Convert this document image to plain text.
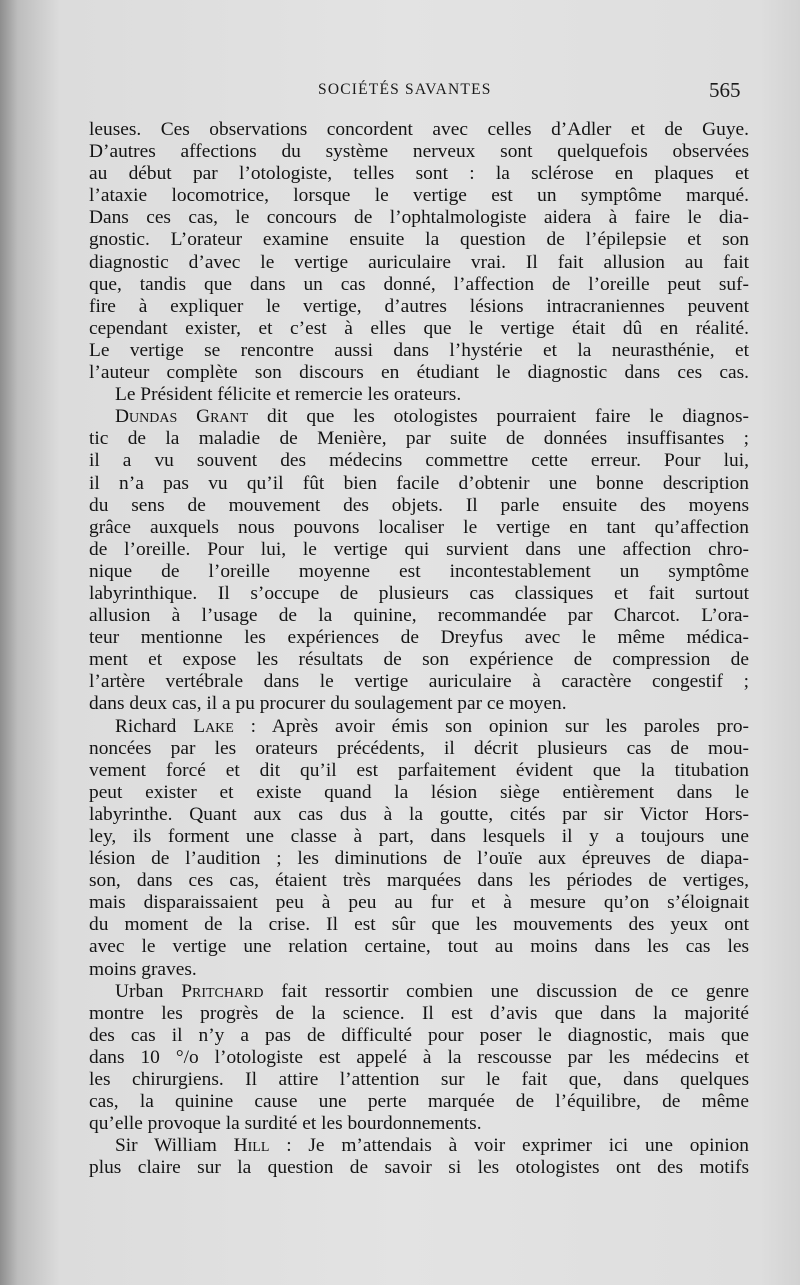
SOCIÉTÉS SAVANTES	565
leuses. Ces observations concordent avec celles d’Adler et de Guye.
D’autres affections du système nerveux sont quelquefois observées
au début par l’otologiste, telles sont : la sclérose en plaques et
l’ataxie locomotrice, lorsque le vertige est un symptôme marqué.
Dans ces cas, le concours de l’ophtalmologiste aidera à faire le dia-
gnostic. L’orateur examine ensuite la question de l’épilepsie et son
diagnostic d’avec le vertige auriculaire vrai. Il fait allusion au fait
que, tandis que dans un cas donné, l’affection de l’oreille peut suf-
fire à expliquer le vertige, d’autres lésions intracraniennes peuvent
cependant exister, et c’est à elles que le vertige était dû en réalité.
Le vertige se rencontre aussi dans l’hystérie et la neurasthénie, et
l’auteur complète son discours en étudiant le diagnostic dans ces cas.
Le Président félicite et remercie les orateurs.
Dundas Grant dit que les otologistes pourraient faire le diagnos-
tic de la maladie de Menière, par suite de données insuffisantes ;
il a vu souvent des médecins commettre cette erreur. Pour lui,
il n’a pas vu qu’il fût bien facile d’obtenir une bonne description
du sens de mouvement des objets. Il parle ensuite des moyens
grâce auxquels nous pouvons localiser le vertige en tant qu’affection
de l’oreille. Pour lui, le vertige qui survient dans une affection chro-
nique de l’oreille moyenne est incontestablement un symptôme
labyrinthique. Il s’occupe de plusieurs cas classiques et fait surtout
allusion à l’usage de la quinine, recommandée par Charcot. L’ora-
teur mentionne les expériences de Dreyfus avec le même médica-
ment et expose les résultats de son expérience de compression de
l’artère vertébrale dans le vertige auriculaire à caractère congestif ;
dans deux cas, il a pu procurer du soulagement par ce moyen.
Richard Lake : Après avoir émis son opinion sur les paroles pro-
noncées par les orateurs précédents, il décrit plusieurs cas de mou-
vement forcé et dit qu’il est parfaitement évident que la titubation
peut exister et existe quand la lésion siège entièrement dans le
labyrinthe. Quant aux cas dus à la goutte, cités par sir Victor Hors-
ley, ils forment une classe à part, dans lesquels il y a toujours une
lésion de l’audition ; les diminutions de l’ouïe aux épreuves de diapa-
son, dans ces cas, étaient très marquées dans les périodes de vertiges,
mais disparaissaient peu à peu au fur et à mesure qu’on s’éloignait
du moment de la crise. Il est sûr que les mouvements des yeux ont
avec le vertige une relation certaine, tout au moins dans les cas les
moins graves.
Urban Pritchard fait ressortir combien une discussion de ce genre
montre les progrès de la science. Il est d’avis que dans la majorité
des cas il n’y a pas de difficulté pour poser le diagnostic, mais que
dans 10 °/o l’otologiste est appelé à la rescousse par les médecins et
les chirurgiens. Il attire l’attention sur le fait que, dans quelques
cas, la quinine cause une perte marquée de l’équilibre, de même
qu’elle provoque la surdité et les bourdonnements.
Sir William Hill : Je m’attendais à voir exprimer ici une opinion
plus claire sur la question de savoir si les otologistes ont des motifs
